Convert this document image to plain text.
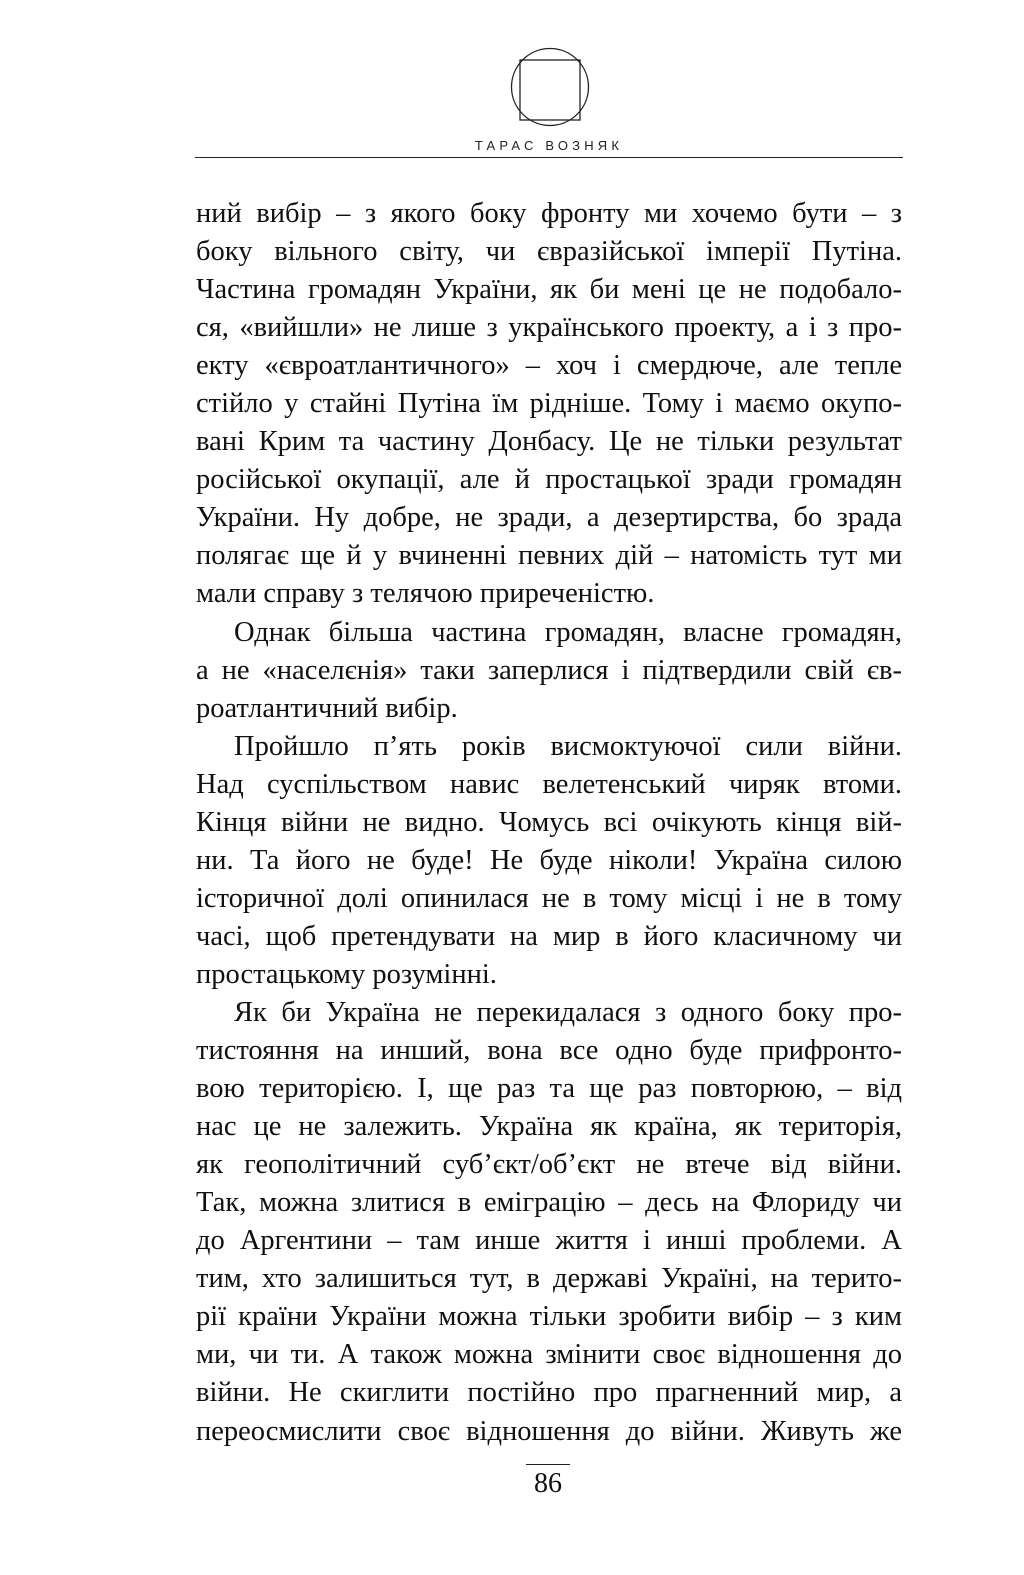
ТАРАС ВОЗНЯК
ний вибір – з якого боку фронту ми хочемо бути – з
боку вільного світу, чи євразійської імперії Путіна.
Частина громадян України, як би мені це не подобало-
ся, «вийшли» не лише з українського проекту, а і з про-
екту «євроатлантичного» – хоч і смердюче, але тепле
стійло у стайні Путіна їм рідніше. Тому і маємо окупо-
вані Крим та частину Донбасу. Це не тільки результат
російської окупації, але й простацької зради громадян
України. Ну добре, не зради, а дезертирства, бо зрада
полягає ще й у вчиненні певних дій – натомість тут ми
мали справу з телячою приреченістю.
Однак більша частина громадян, власне громадян,
а не «населєнія» таки заперлися і підтвердили свій єв-
роатлантичний вибір.
Пройшло п’ять років висмоктуючої сили війни.
Над суспільством навис велетенський чиряк втоми.
Кінця війни не видно. Чомусь всі очікують кінця вій-
ни. Та його не буде! Не буде ніколи! Україна силою
історичної долі опинилася не в тому місці і не в тому
часі, щоб претендувати на мир в його класичному чи
простацькому розумінні.
Як би Україна не перекидалася з одного боку про-
тистояння на инший, вона все одно буде прифронто-
вою територією. І, ще раз та ще раз повторюю, – від
нас це не залежить. Україна як країна, як територія,
як геополітичний суб’єкт/об’єкт не втече від війни.
Так, можна злитися в еміграцію – десь на Флориду чи
до Аргентини – там инше життя і инші проблеми. А
тим, хто залишиться тут, в державі Україні, на терито-
рії країни України можна тільки зробити вибір – з ким
ми, чи ти. А також можна змінити своє відношення до
війни. Не скиглити постійно про прагненний мир, а
переосмислити своє відношення до війни. Живуть же
86
